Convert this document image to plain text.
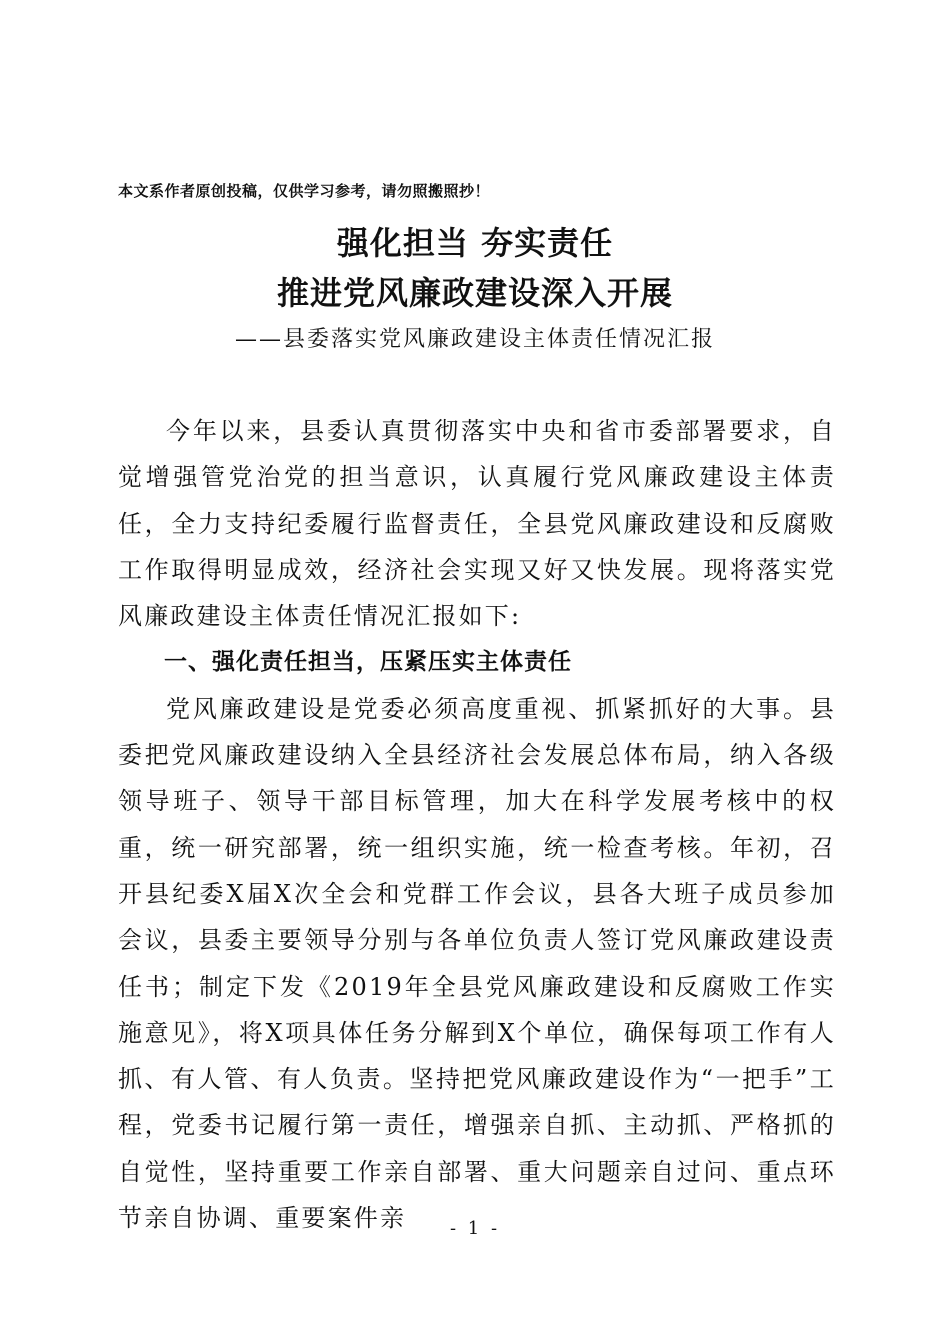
本文系作者原创投稿，仅供学习参考，请勿照搬照抄！
强化担当 夯实责任
推进党风廉政建设深入开展
——县委落实党风廉政建设主体责任情况汇报

今年以来，县委认真贯彻落实中央和省市委部署要求，自觉增强管党治党的担当意识，认真履行党风廉政建设主体责任，全力支持纪委履行监督责任，全县党风廉政建设和反腐败工作取得明显成效，经济社会实现又好又快发展。现将落实党风廉政建设主体责任情况汇报如下:

一、强化责任担当，压紧压实主体责任

党风廉政建设是党委必须高度重视、抓紧抓好的大事。县委把党风廉政建设纳入全县经济社会发展总体布局，纳入各级领导班子、领导干部目标管理，加大在科学发展考核中的权重，统一研究部署，统一组织实施，统一检查考核。年初，召开县纪委X届X次全会和党群工作会议，县各大班子成员参加会议，县委主要领导分别与各单位负责人签订党风廉政建设责任书；制定下发《2019年全县党风廉政建设和反腐败工作实施意见》，将X项具体任务分解到X个单位，确保每项工作有人抓、有人管、有人负责。坚持把党风廉政建设作为“一把手”工程，党委书记履行第一责任，增强亲自抓、主动抓、严格抓的自觉性，坚持重要工作亲自部署、重大问题亲自过问、重点环节亲自协调、重要案件亲	- 1 -
